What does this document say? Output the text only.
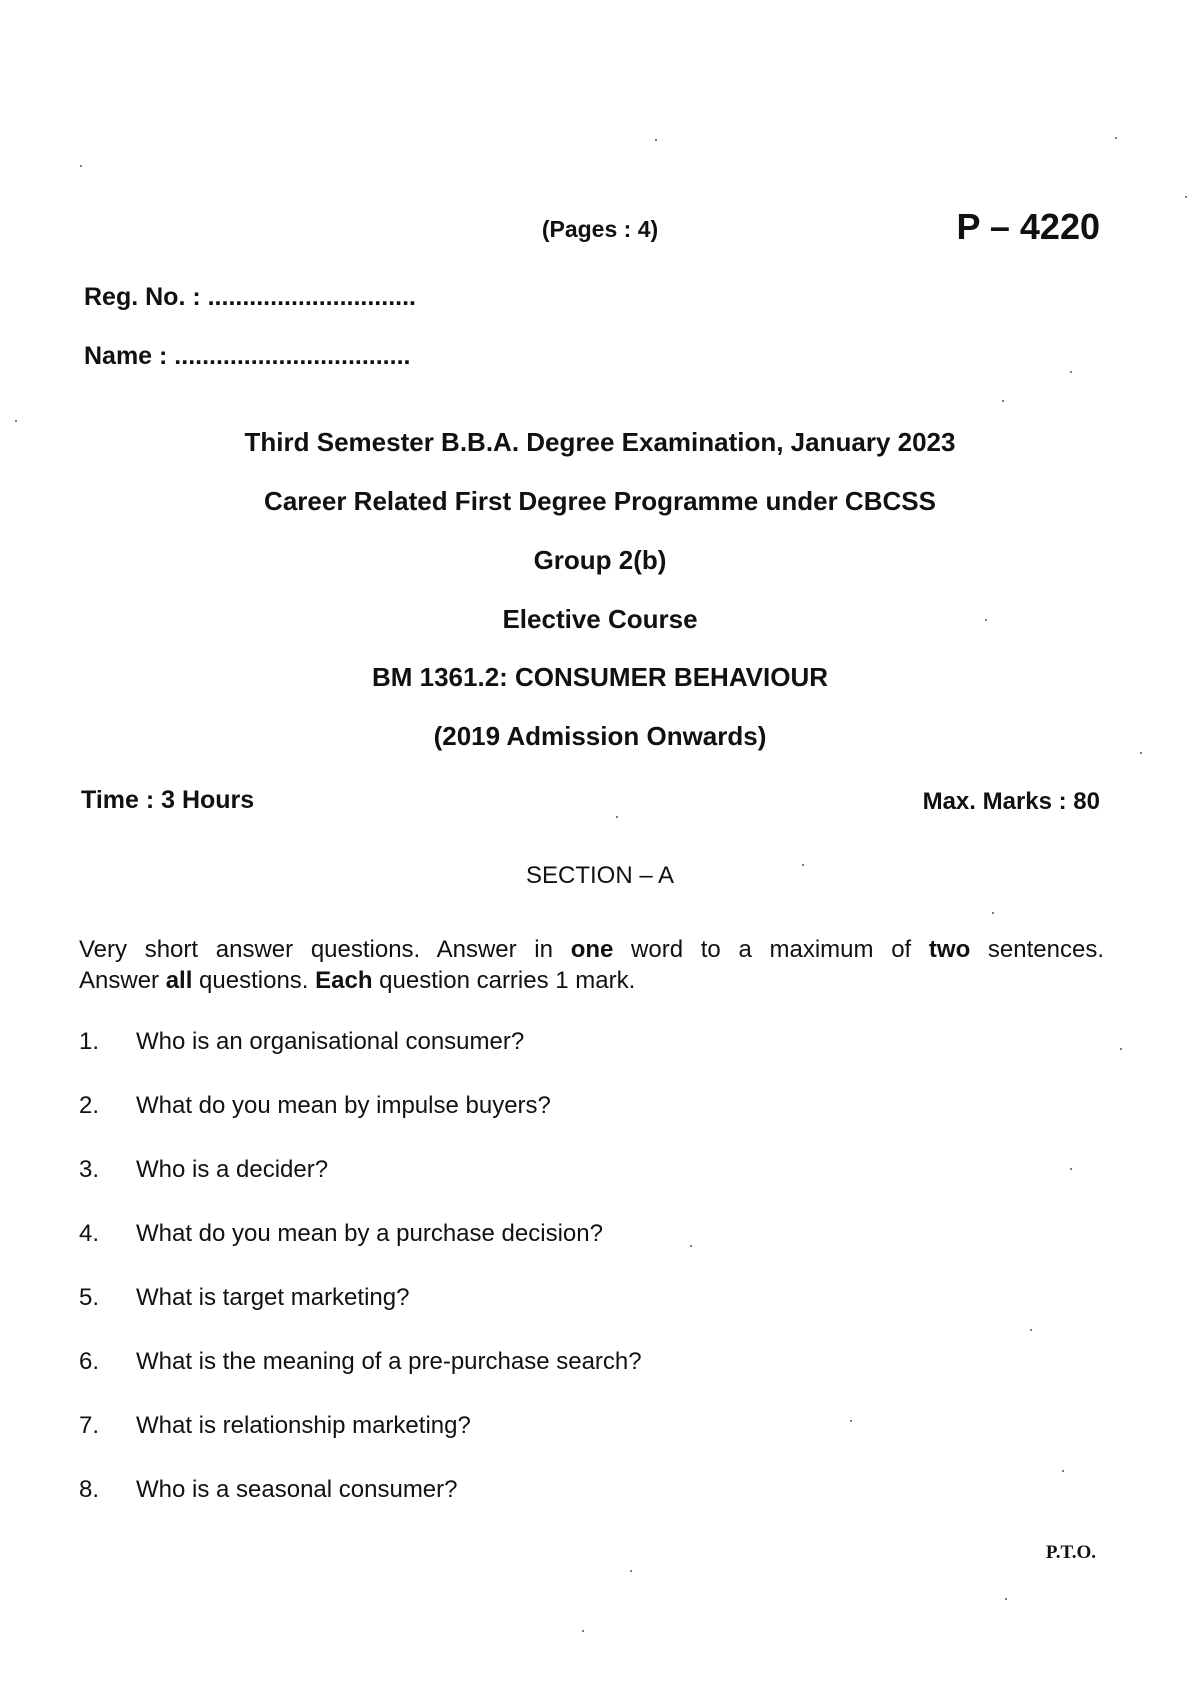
(Pages : 4)	P – 4220
Reg. No. : ..............................
Name : ..................................
Third Semester B.B.A. Degree Examination, January 2023
Career Related First Degree Programme under CBCSS
Group 2(b)
Elective Course
BM 1361.2: CONSUMER BEHAVIOUR
(2019 Admission Onwards)
Time : 3 Hours	Max. Marks : 80
SECTION – A

Very short answer questions. Answer in one word to a maximum of two sentences.

Answer all questions. Each question carries 1 mark.

1. Who is an organisational consumer?
2. What do you mean by impulse buyers?
3. Who is a decider?
4. What do you mean by a purchase decision?
5. What is target marketing?
6. What is the meaning of a pre-purchase search?
7. What is relationship marketing?
8. Who is a seasonal consumer?
P.T.O.
